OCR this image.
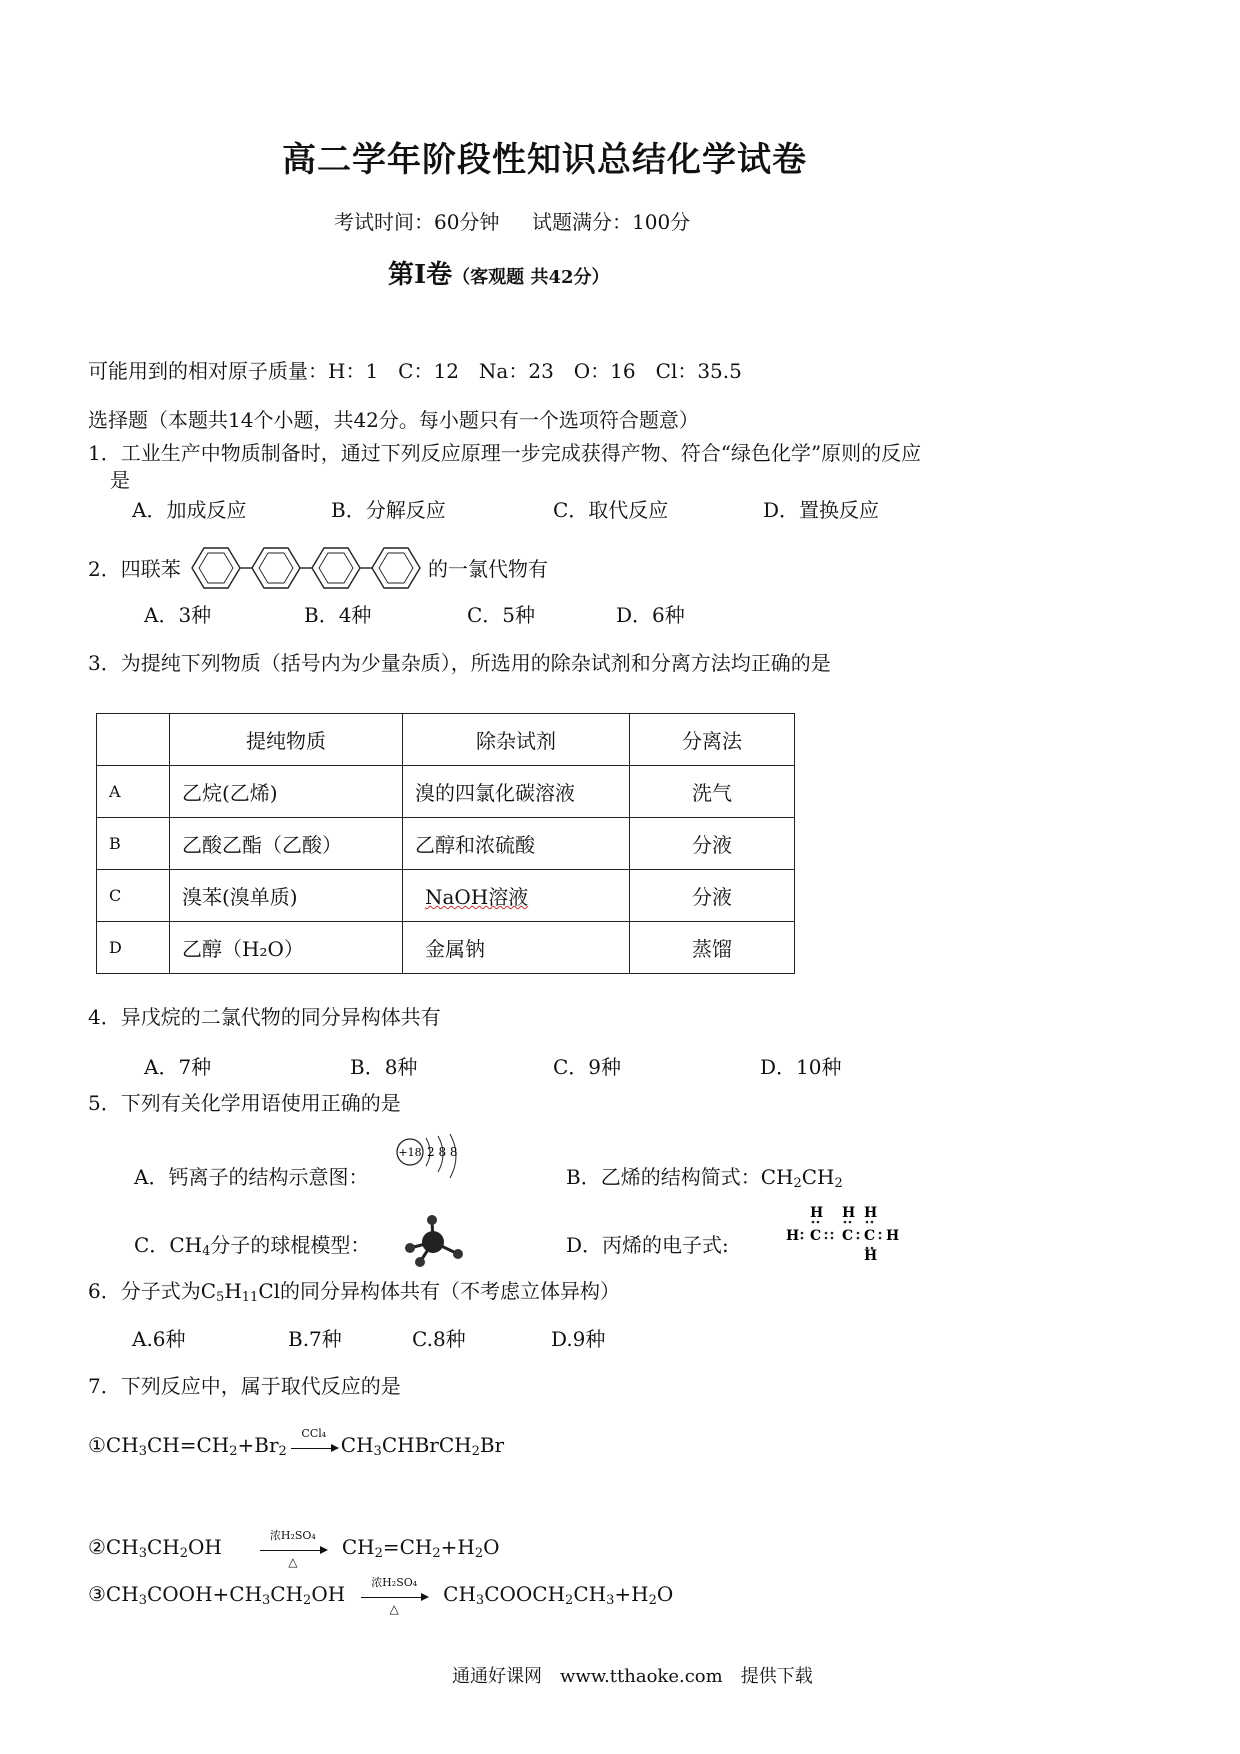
高二学年阶段性知识总结化学试卷
考试时间：60分钟 试题满分：100分
第Ⅰ卷（客观题 共42分）
可能用到的相对原子质量：H：1　C：12　Na：23　O：16　Cl：35.5
选择题（本题共14个小题，共42分。每小题只有一个选项符合题意）
1．工业生产中物质制备时，通过下列反应原理一步完成获得产物、符合“绿色化学”原则的反应
是
A．加成反应	B．分解反应	C．取代反应	D．置换反应
2．四联苯	的一氯代物有
A．3种	B．4种	C．5种	D．6种
3．为提纯下列物质（括号内为少量杂质），所选用的除杂试剂和分离方法均正确的是
	提纯物质	除杂试剂	分离法
A	乙烷(乙烯)	溴的四氯化碳溶液	洗气
B	乙酸乙酯（乙酸）	乙醇和浓硫酸	分液
C	溴苯(溴单质)	NaOH溶液	分液
D	乙醇（H₂O）	金属钠	蒸馏
4．异戊烷的二氯代物的同分异构体共有
A．7种	B．8种	C．9种	D．10种
5．下列有关化学用语使用正确的是
A．钙离子的结构示意图：
+18 2 8 8
B．乙烯的结构简式：$CH_2CH_2$
C．$CH_4$分子的球棍模型：	D．丙烯的电子式:
H H H
H C C C H
H
6．分子式为$C_5H_{11}Cl$的同分异构体共有（不考虑立体异构）
A.6种	B.7种	C.8种	D.9种
7．下列反应中，属于取代反应的是
$①CH_3CH=CH_2+Br_2$
CCl₄ $CH_3CHBrCH_2Br$
$②CH_3CH_2OH$	浓H₂SO₄
△
$CH_2=CH_2+H_2O$
$③CH_3COOH+CH_3CH_2OH$	浓H₂SO₄
△
$CH_3COOCH_2CH_3+H_2O$
通通好课网　www.tthaoke.com　提供下载
